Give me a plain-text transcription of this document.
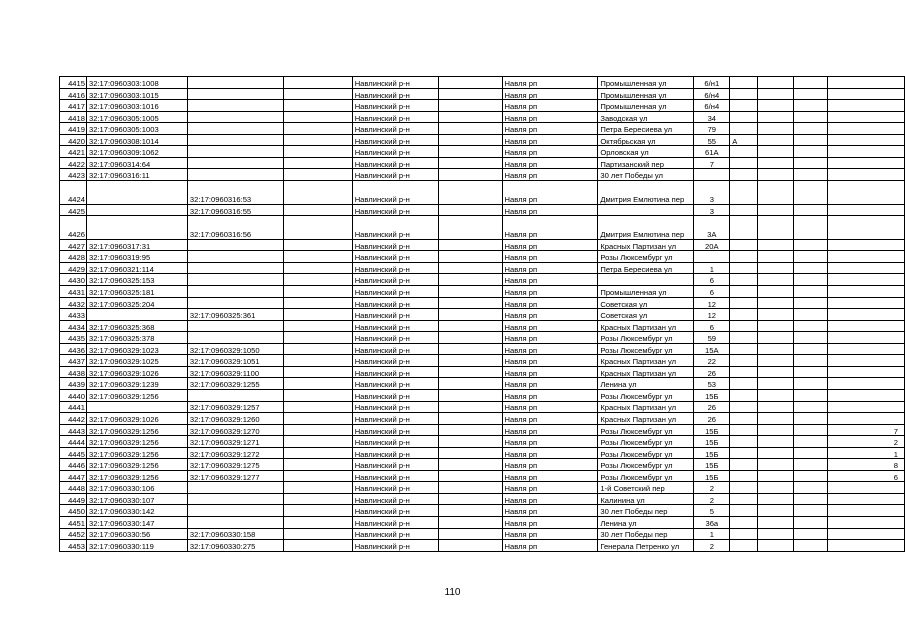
4415	32:17:0960303:1008			Навлинский р-н		Навля рп	Промышленная ул	6/н1				
4416	32:17:0960303:1015			Навлинский р-н		Навля рп	Промышленная ул	6/н4				
4417	32:17:0960303:1016			Навлинский р-н		Навля рп	Промышленная ул	6/н4				
4418	32:17:0960305:1005			Навлинский р-н		Навля рп	Заводская ул	34				
4419	32:17:0960305:1003			Навлинский р-н		Навля рп	Петра Бересиева ул	79				
4420	32:17:0960308:1014			Навлинский р-н		Навля рп	Октябрьская ул	55	А			
4421	32:17:0960309:1062			Навлинский р-н		Навля рп	Орловская ул	61А				
4422	32:17:0960314:64			Навлинский р-н		Навля рп	Партизанский пер	7				
4423	32:17:0960316:11			Навлинский р-н		Навля рп	30 лет Победы ул					
4424		32:17:0960316:53		Навлинский р-н		Навля рп	Дмитрия Емлютина пер	3				
4425		32:17:0960316:55		Навлинский р-н		Навля рп		3				
4426		32:17:0960316:56		Навлинский р-н		Навля рп	Дмитрия Емлютина пер	3А				
4427	32:17:0960317:31			Навлинский р-н		Навля рп	Красных Партизан ул	20А				
4428	32:17:0960319:95			Навлинский р-н		Навля рп	Розы Люксембург ул					
4429	32:17:0960321:114			Навлинский р-н		Навля рп	Петра Бересиева ул	1				
4430	32:17:0960325:153			Навлинский р-н		Навля рп		6				
4431	32:17:0960325:181			Навлинский р-н		Навля рп	Промышленная ул	6				
4432	32:17:0960325:204			Навлинский р-н		Навля рп	Советская ул	12				
4433		32:17:0960325:361		Навлинский р-н		Навля рп	Советская ул	12				
4434	32:17:0960325:368			Навлинский р-н		Навля рп	Красных Партизан ул	6				
4435	32:17:0960325:378			Навлинский р-н		Навля рп	Розы Люксембург ул	59				
4436	32:17:0960329:1023	32:17:0960329:1050		Навлинский р-н		Навля рп	Розы Люксембург ул	15А				
4437	32:17:0960329:1025	32:17:0960329:1051		Навлинский р-н		Навля рп	Красных Партизан ул	22				
4438	32:17:0960329:1026	32:17:0960329:1100		Навлинский р-н		Навля рп	Красных Партизан ул	26				
4439	32:17:0960329:1239	32:17:0960329:1255		Навлинский р-н		Навля рп	Ленина ул	53				
4440	32:17:0960329:1256			Навлинский р-н		Навля рп	Розы Люксембург ул	15Б				
4441		32:17:0960329:1257		Навлинский р-н		Навля рп	Красных Партизан ул	26				
4442	32:17:0960329:1026	32:17:0960329:1260		Навлинский р-н		Навля рп	Красных Партизан ул	26				
4443	32:17:0960329:1256	32:17:0960329:1270		Навлинский р-н		Навля рп	Розы Люксембург ул	15Б				7
4444	32:17:0960329:1256	32:17:0960329:1271		Навлинский р-н		Навля рп	Розы Люксембург ул	15Б				2
4445	32:17:0960329:1256	32:17:0960329:1272		Навлинский р-н		Навля рп	Розы Люксембург ул	15Б				1
4446	32:17:0960329:1256	32:17:0960329:1275		Навлинский р-н		Навля рп	Розы Люксембург ул	15Б				8
4447	32:17:0960329:1256	32:17:0960329:1277		Навлинский р-н		Навля рп	Розы Люксембург ул	15Б				6
4448	32:17:0960330:106			Навлинский р-н		Навля рп	1-й Советский пер	2				
4449	32:17:0960330:107			Навлинский р-н		Навля рп	Калинина ул	2				
4450	32:17:0960330:142			Навлинский р-н		Навля рп	30 лет Победы пер	5				
4451	32:17:0960330:147			Навлинский р-н		Навля рп	Ленина ул	36а				
4452	32:17:0960330:56	32:17:0960330:158		Навлинский р-н		Навля рп	30 лет Победы пер	1				
4453	32:17:0960330:119	32:17:0960330:275		Навлинский р-н		Навля рп	Генерала Петренко ул	2				
110
